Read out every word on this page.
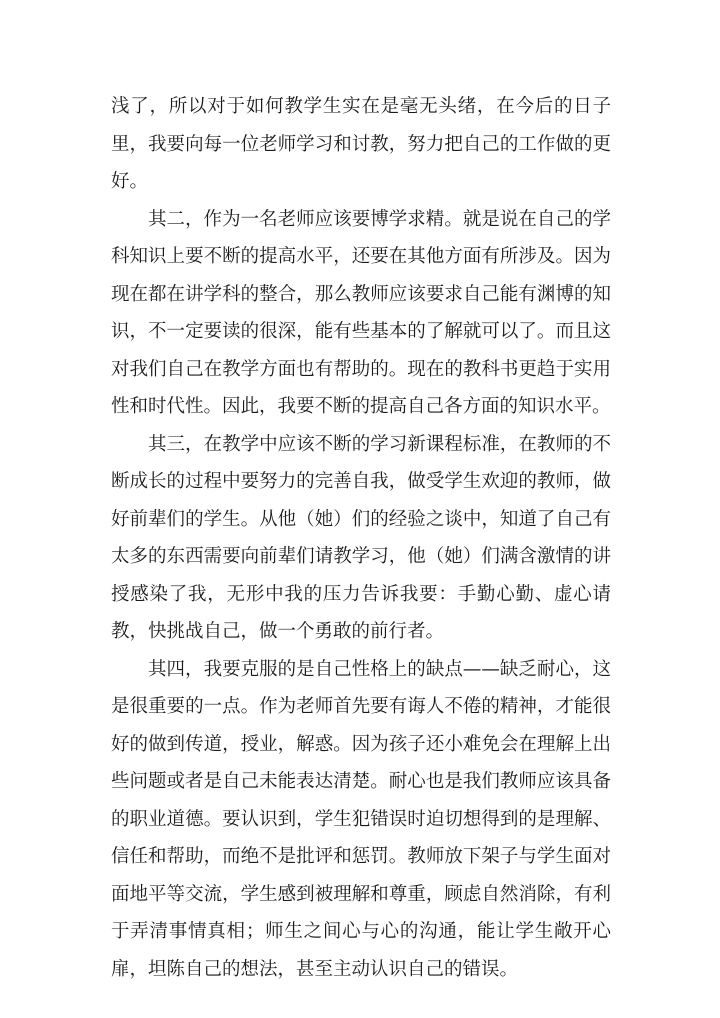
浅了，所以对于如何教学生实在是毫无头绪，在今后的日子里，我要向每一位老师学习和讨教，努力把自己的工作做的更好。

其二，作为一名老师应该要博学求精。就是说在自己的学科知识上要不断的提高水平，还要在其他方面有所涉及。因为现在都在讲学科的整合，那么教师应该要求自己能有渊博的知识，不一定要读的很深，能有些基本的了解就可以了。而且这对我们自己在教学方面也有帮助的。现在的教科书更趋于实用性和时代性。因此，我要不断的提高自己各方面的知识水平。

其三，在教学中应该不断的学习新课程标准，在教师的不断成长的过程中要努力的完善自我，做受学生欢迎的教师，做好前辈们的学生。从他（她）们的经验之谈中，知道了自己有太多的东西需要向前辈们请教学习，他（她）们满含激情的讲授感染了我，无形中我的压力告诉我要：手勤心勤、虚心请教，快挑战自己，做一个勇敢的前行者。

其四，我要克服的是自己性格上的缺点——缺乏耐心，这是很重要的一点。作为老师首先要有诲人不倦的精神，才能很好的做到传道，授业，解惑。因为孩子还小难免会在理解上出些问题或者是自己未能表达清楚。耐心也是我们教师应该具备的职业道德。要认识到，学生犯错误时迫切想得到的是理解、信任和帮助，而绝不是批评和惩罚。教师放下架子与学生面对面地平等交流，学生感到被理解和尊重，顾虑自然消除，有利于弄清事情真相；师生之间心与心的沟通，能让学生敞开心扉，坦陈自己的想法，甚至主动认识自己的错误。
